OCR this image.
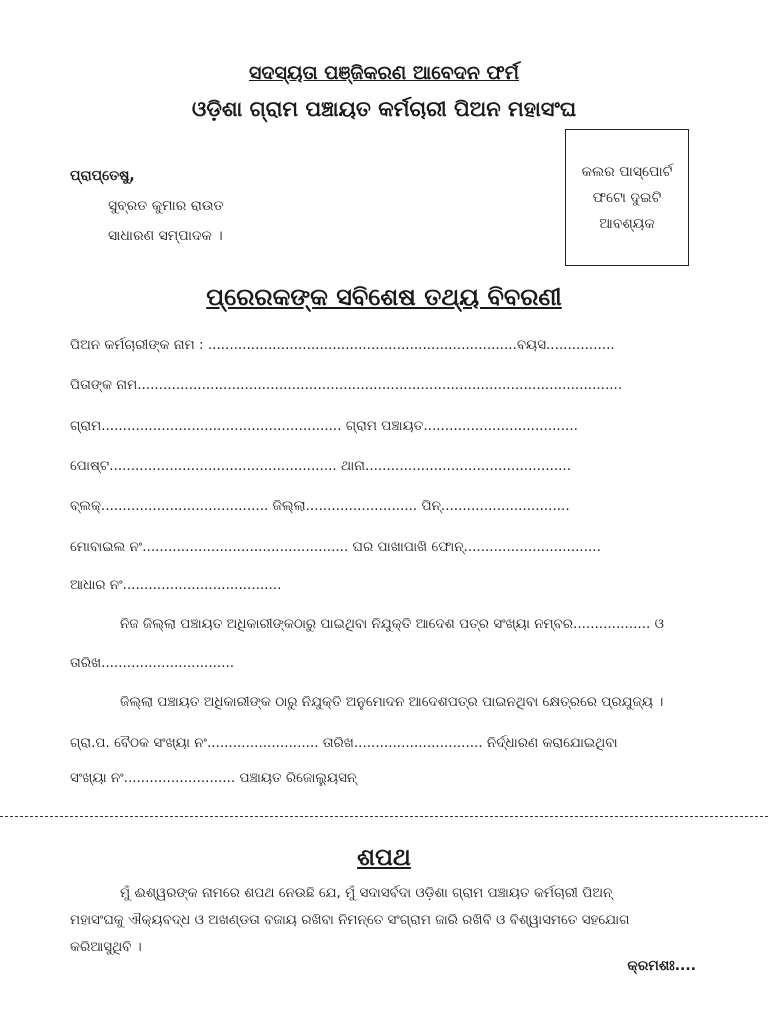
ସଦସ୍ୟତା ପଞ୍ଜିକରଣ ଆବେଦନ ଫର୍ମ
ଓଡ଼ିଶା ଗ୍ରାମ ପଞ୍ଚାୟତ କର୍ମଚାରୀ ପିଅନ ମହାସଂଘ
କଲର ପାସ୍‌ପୋର୍ଟ
ଫଟୋ ଦୁଇଟି
ଆବଶ୍ୟକ
ପ୍ରାପ୍ତେଷୁ,
ସୁବ୍ରତ କୁମାର ରାଉତ
ସାଧାରଣ ସମ୍ପାଦକ ।
ପ୍ରେରକଙ୍କ ସବିଶେଷ ତଥ୍ୟ ବିବରଣୀ
ପିଅନ କର୍ମଚାରୀଙ୍କ ନାମ : ........................................................................ବୟସ................
ପିତାଙ୍କ ନାମ.................................................................................................................
ଗ୍ରାମ........................................................ ଗ୍ରାମ ପଞ୍ଚାୟତ....................................
ପୋଷ୍ଟ..................................................... ଥାନା................................................
ବ୍ଲକ୍‌....................................... ଜିଲ୍ଲା.......................... ପିନ୍‌..............................
ମୋବାଇଲ ନଂ................................................ ଘର ପାଖାପାଖି ଫୋନ୍‌................................
ଆଧାର ନଂ.....................................
ନିଜ ଜିଲ୍ଲା ପଞ୍ଚାୟତ ଅଧିକାରୀଙ୍କଠାରୁ ପାଇଥିବା ନିଯୁକ୍ତି ଆଦେଶ ପତ୍ର ସଂଖ୍ୟା ନମ୍ବର.................. ଓ
ତାରିଖ...............................
ଜିଲ୍ଲା ପଞ୍ଚାୟତ ଅଧିକାରୀଙ୍କ ଠାରୁ ନିଯୁକ୍ତି ଅନୁମୋଦନ ଆଦେଶପତ୍ର ପାଇନଥିବା କ୍ଷେତ୍ରରେ ପ୍ରଯୁଜ୍ୟ ।
ଗ୍ରା.ପ. ବୈଠକ ସଂଖ୍ୟା ନଂ.......................... ତାରିଖ.............................. ନିର୍ଦ୍ଧାରଣ କରାଯୋଇଥିବା
ସଂଖ୍ୟା ନଂ.......................... ପଞ୍ଚାୟତ ରିଜୋଲ୍ୟୁସନ୍‌
ଶପଥ
ମୁଁ ଈଶ୍ୱରଙ୍କ ନାମରେ ଶପଥ ନେଉଛି ଯେ, ମୁଁ ସଦାସର୍ବଦା ଓଡ଼ିଶା ଗ୍ରାମ ପଞ୍ଚାୟତ କର୍ମଚାରୀ ପିଅନ୍‌
ମହାସଂଘକୁ ଐକ୍ୟବଦ୍ଧ ଓ ଅଖଣ୍ଡତା ବଜାୟ ରଖିବା ନିମନ୍ତେ ସଂଗ୍ରାମ ଜାରି ରଖିବି ଓ ବିଶ୍ୱାସମତେ ସହଯୋଗ
କରିଆସୁଥିବି ।
କ୍ରମଶଃ....
